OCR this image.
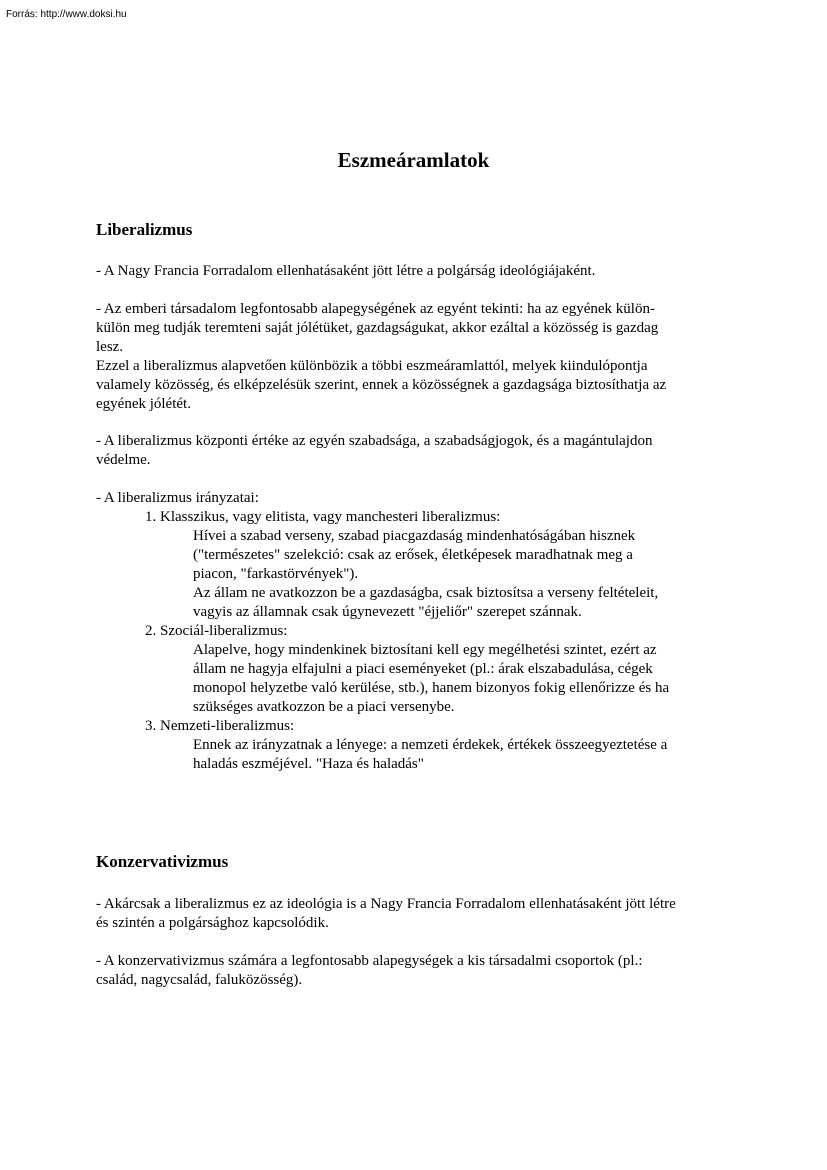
Forrás: http://www.doksi.hu
Eszmeáramlatok
Liberalizmus
- A Nagy Francia Forradalom ellenhatásaként jött létre a polgárság ideológiájaként.
- Az emberi társadalom legfontosabb alapegységének az egyént tekinti: ha az egyének külön-
külön meg tudják teremteni saját jólétüket, gazdagságukat, akkor ezáltal a közösség is gazdag
lesz.
Ezzel a liberalizmus alapvetően különbözik a többi eszmeáramlattól, melyek kiindulópontja
valamely közösség, és elképzelésük szerint, ennek a közösségnek a gazdagsága biztosíthatja az
egyének jólétét.
- A liberalizmus központi értéke az egyén szabadsága, a szabadságjogok, és a magántulajdon
védelme.
- A liberalizmus irányzatai:
1. Klasszikus, vagy elitista, vagy manchesteri liberalizmus:
Hívei a szabad verseny, szabad piacgazdaság mindenhatóságában hisznek
("természetes" szelekció: csak az erősek, életképesek maradhatnak meg a
piacon, "farkastörvények").
Az állam ne avatkozzon be a gazdaságba, csak biztosítsa a verseny feltételeit,
vagyis az államnak csak úgynevezett "éjjeliőr" szerepet szánnak.
2. Szociál-liberalizmus:
Alapelve, hogy mindenkinek biztosítani kell egy megélhetési szintet, ezért az
állam ne hagyja elfajulni a piaci eseményeket (pl.: árak elszabadulása, cégek
monopol helyzetbe való kerülése, stb.), hanem bizonyos fokig ellenőrizze és ha
szükséges avatkozzon be a piaci versenybe.
3. Nemzeti-liberalizmus:
Ennek az irányzatnak a lényege: a nemzeti érdekek, értékek összeegyeztetése a
haladás eszméjével. "Haza és haladás"
Konzervativizmus
- Akárcsak a liberalizmus ez az ideológia is a Nagy Francia Forradalom ellenhatásaként jött létre
és szintén a polgársághoz kapcsolódik.
- A konzervativizmus számára a legfontosabb alapegységek a kis társadalmi csoportok (pl.:
család, nagycsalád, faluközösség).
